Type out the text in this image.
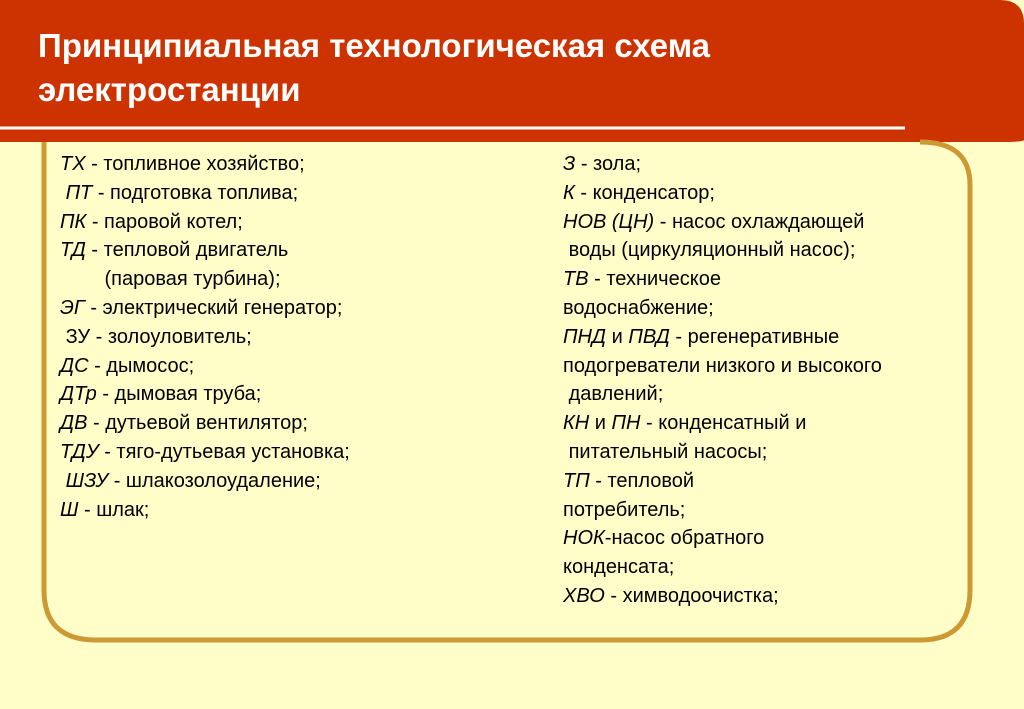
Принципиальная технологическая схема
электростанции
ТХ - топливное хозяйство;
ПТ - подготовка топлива;
ПК - паровой котел;
ТД - тепловой двигатель
(паровая турбина);
ЭГ - электрический генератор;
ЗУ - золоуловитель;
ДС - дымосос;
ДТр - дымовая труба;
ДВ - дутьевой вентилятор;
ТДУ - тяго-дутьевая установка;
ШЗУ - шлакозолоудаление;
Ш - шлак;
З - зола;
К - конденсатор;
НОВ (ЦН) - насос охлаждающей
воды (циркуляционный насос);
ТВ - техническое
водоснабжение;
ПНД и ПВД - регенеративные
подогреватели низкого и высокого
давлений;
КН и ПН - конденсатный и
питательный насосы;
ТП - тепловой
потребитель;
НОК-насос обратного
конденсата;
ХВО - химводоочистка;
